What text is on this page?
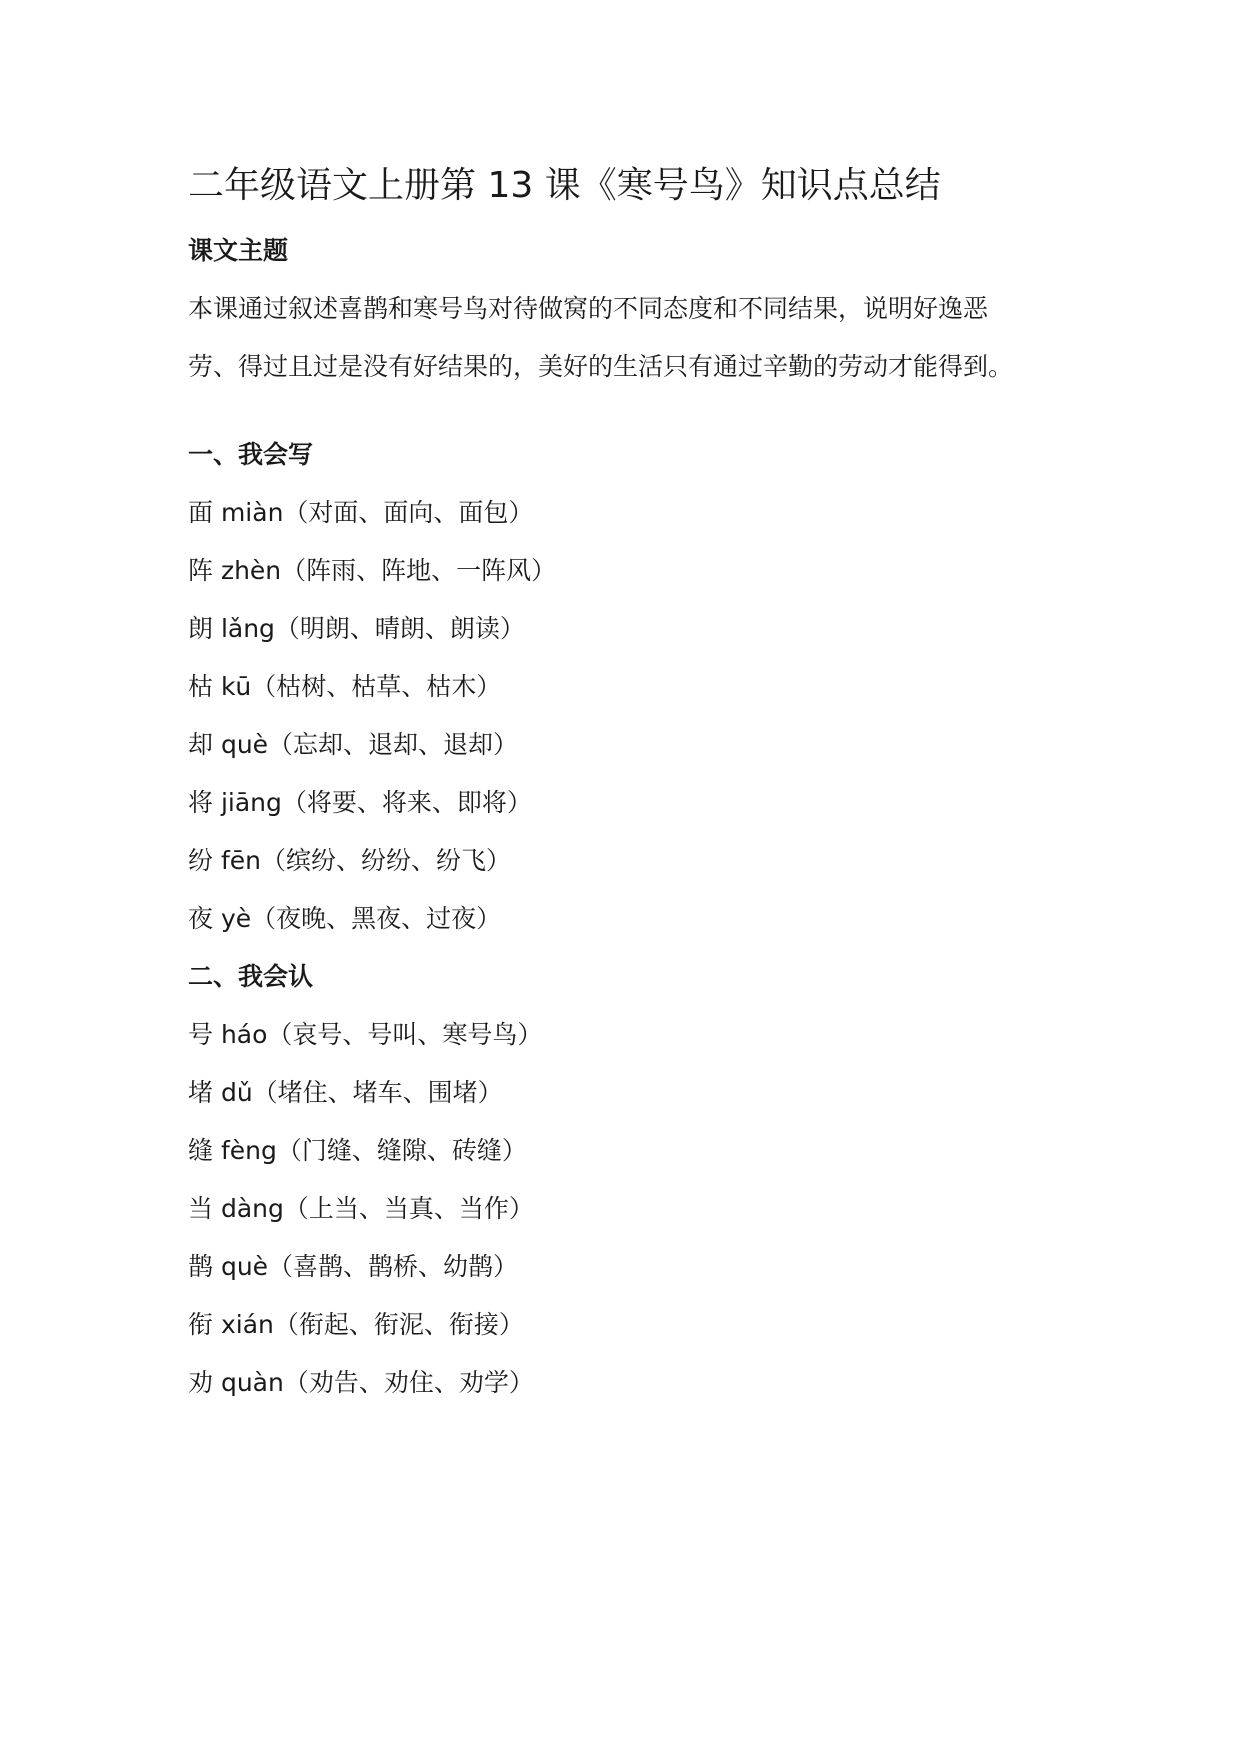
二年级语文上册第 13 课《寒号鸟》知识点总结
课文主题

本课通过叙述喜鹊和寒号鸟对待做窝的不同态度和不同结果，说明好逸恶

劳、得过且过是没有好结果的，美好的生活只有通过辛勤的劳动才能得到。

一、我会写

面 miàn（对面、面向、面包）

阵 zhèn（阵雨、阵地、一阵风）

朗 lǎng（明朗、晴朗、朗读）

枯 kū（枯树、枯草、枯木）

却 què（忘却、退却、退却）

将 jiāng（将要、将来、即将）

纷 fēn（缤纷、纷纷、纷飞）

夜 yè（夜晚、黑夜、过夜）

二、我会认

号 háo（哀号、号叫、寒号鸟）

堵 dǔ（堵住、堵车、围堵）

缝 fèng（门缝、缝隙、砖缝）

当 dàng（上当、当真、当作）

鹊 què（喜鹊、鹊桥、幼鹊）

衔 xián（衔起、衔泥、衔接）

劝 quàn（劝告、劝住、劝学）
